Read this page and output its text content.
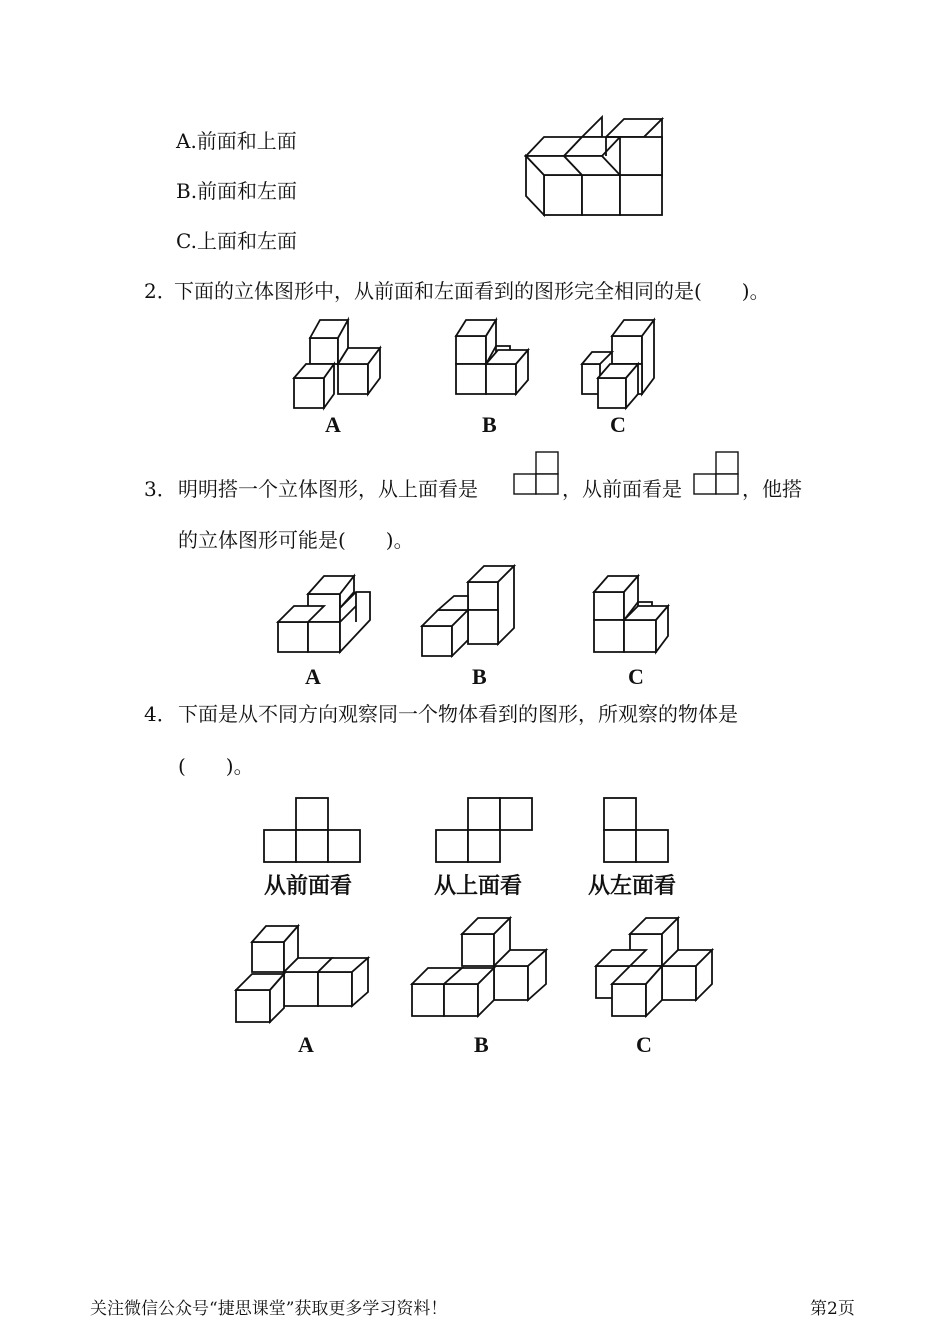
A.前面和上面
B.前面和左面
C.上面和左面
2．
下面的立体图形中，从前面和左面看到的图形完全相同的是(　　)。
A	B	C
3． 明明搭一个立体图形，从上面看是	，从前面看是	，他搭
的立体图形可能是(　　)。
A	B	C
4． 下面是从不同方向观察同一个物体看到的图形，所观察的物体是
(　　)。
从前面看	从上面看	从左面看
A	B	C
关注微信公众号“捷思课堂”获取更多学习资料！	第2页
